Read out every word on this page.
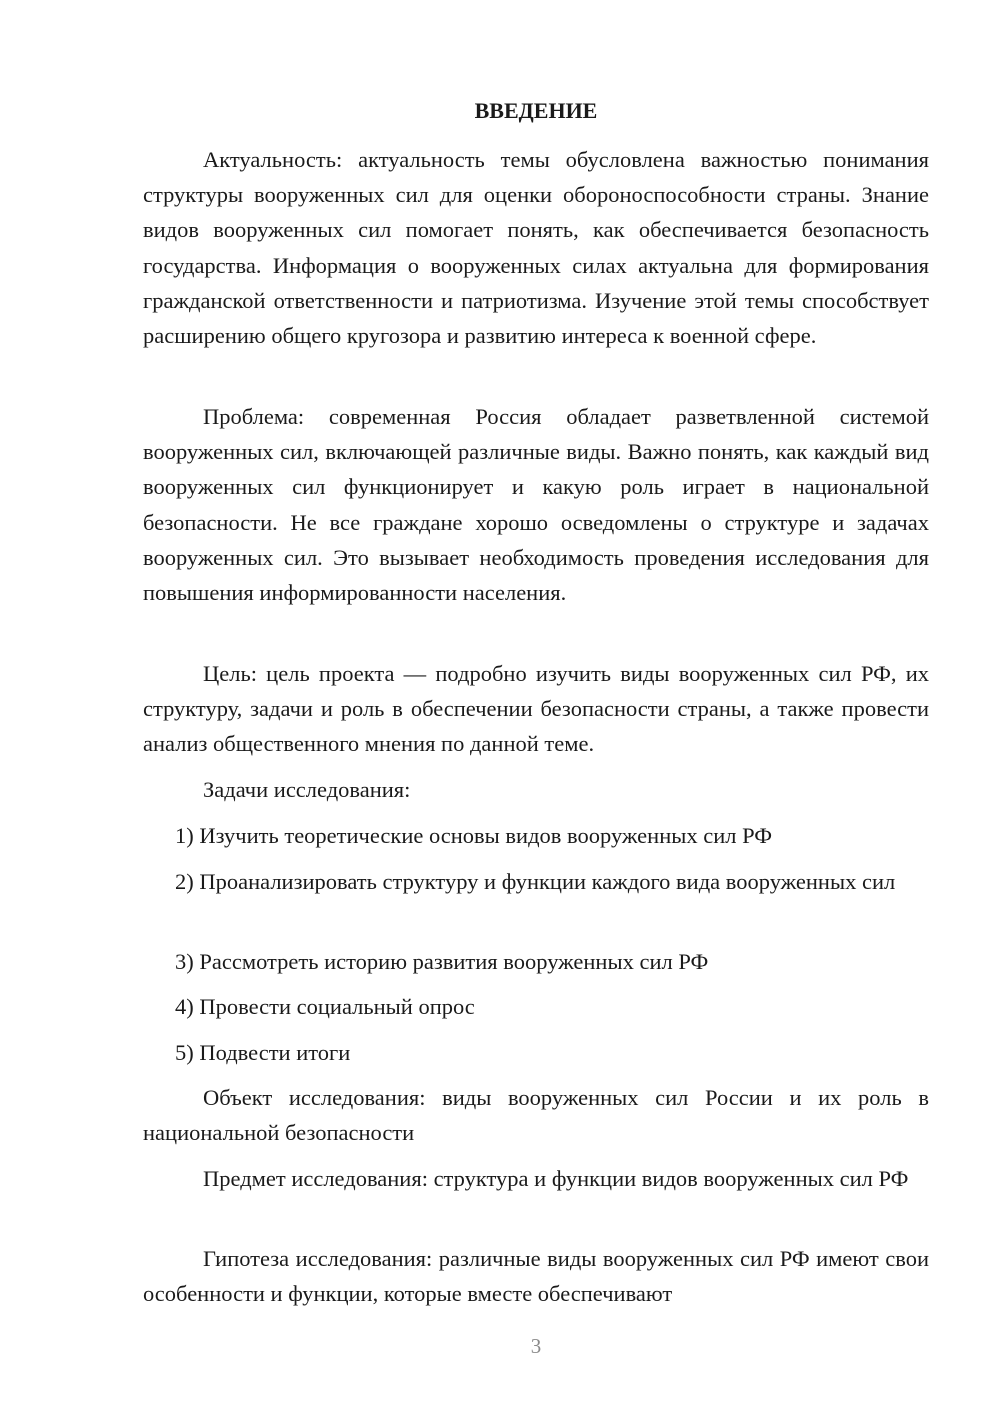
ВВЕДЕНИЕ

Актуальность: актуальность темы обусловлена важностью понимания структуры вооруженных сил для оценки обороноспособности страны. Знание видов вооруженных сил помогает понять, как обеспечивается безопасность государства. Информация о вооруженных силах актуальна для формирования гражданской ответственности и патриотизма. Изучение этой темы способствует расширению общего кругозора и развитию интереса к военной сфере.

Проблема: современная Россия обладает разветвленной системой вооруженных сил, включающей различные виды. Важно понять, как каждый вид вооруженных сил функционирует и какую роль играет в национальной безопасности. Не все граждане хорошо осведомлены о структуре и задачах вооруженных сил. Это вызывает необходимость проведения исследования для повышения информированности населения.

Цель: цель проекта — подробно изучить виды вооруженных сил РФ, их структуру, задачи и роль в обеспечении безопасности страны, а также провести анализ общественного мнения по данной теме.

Задачи исследования:

1) Изучить теоретические основы видов вооруженных сил РФ

2) Проанализировать структуру и функции каждого вида вооруженных сил

3) Рассмотреть историю развития вооруженных сил РФ

4) Провести социальный опрос

5) Подвести итоги

Объект исследования: виды вооруженных сил России и их роль в национальной безопасности

Предмет исследования: структура и функции видов вооруженных сил РФ

Гипотеза исследования: различные виды вооруженных сил РФ имеют свои особенности и функции, которые вместе обеспечивают

3
